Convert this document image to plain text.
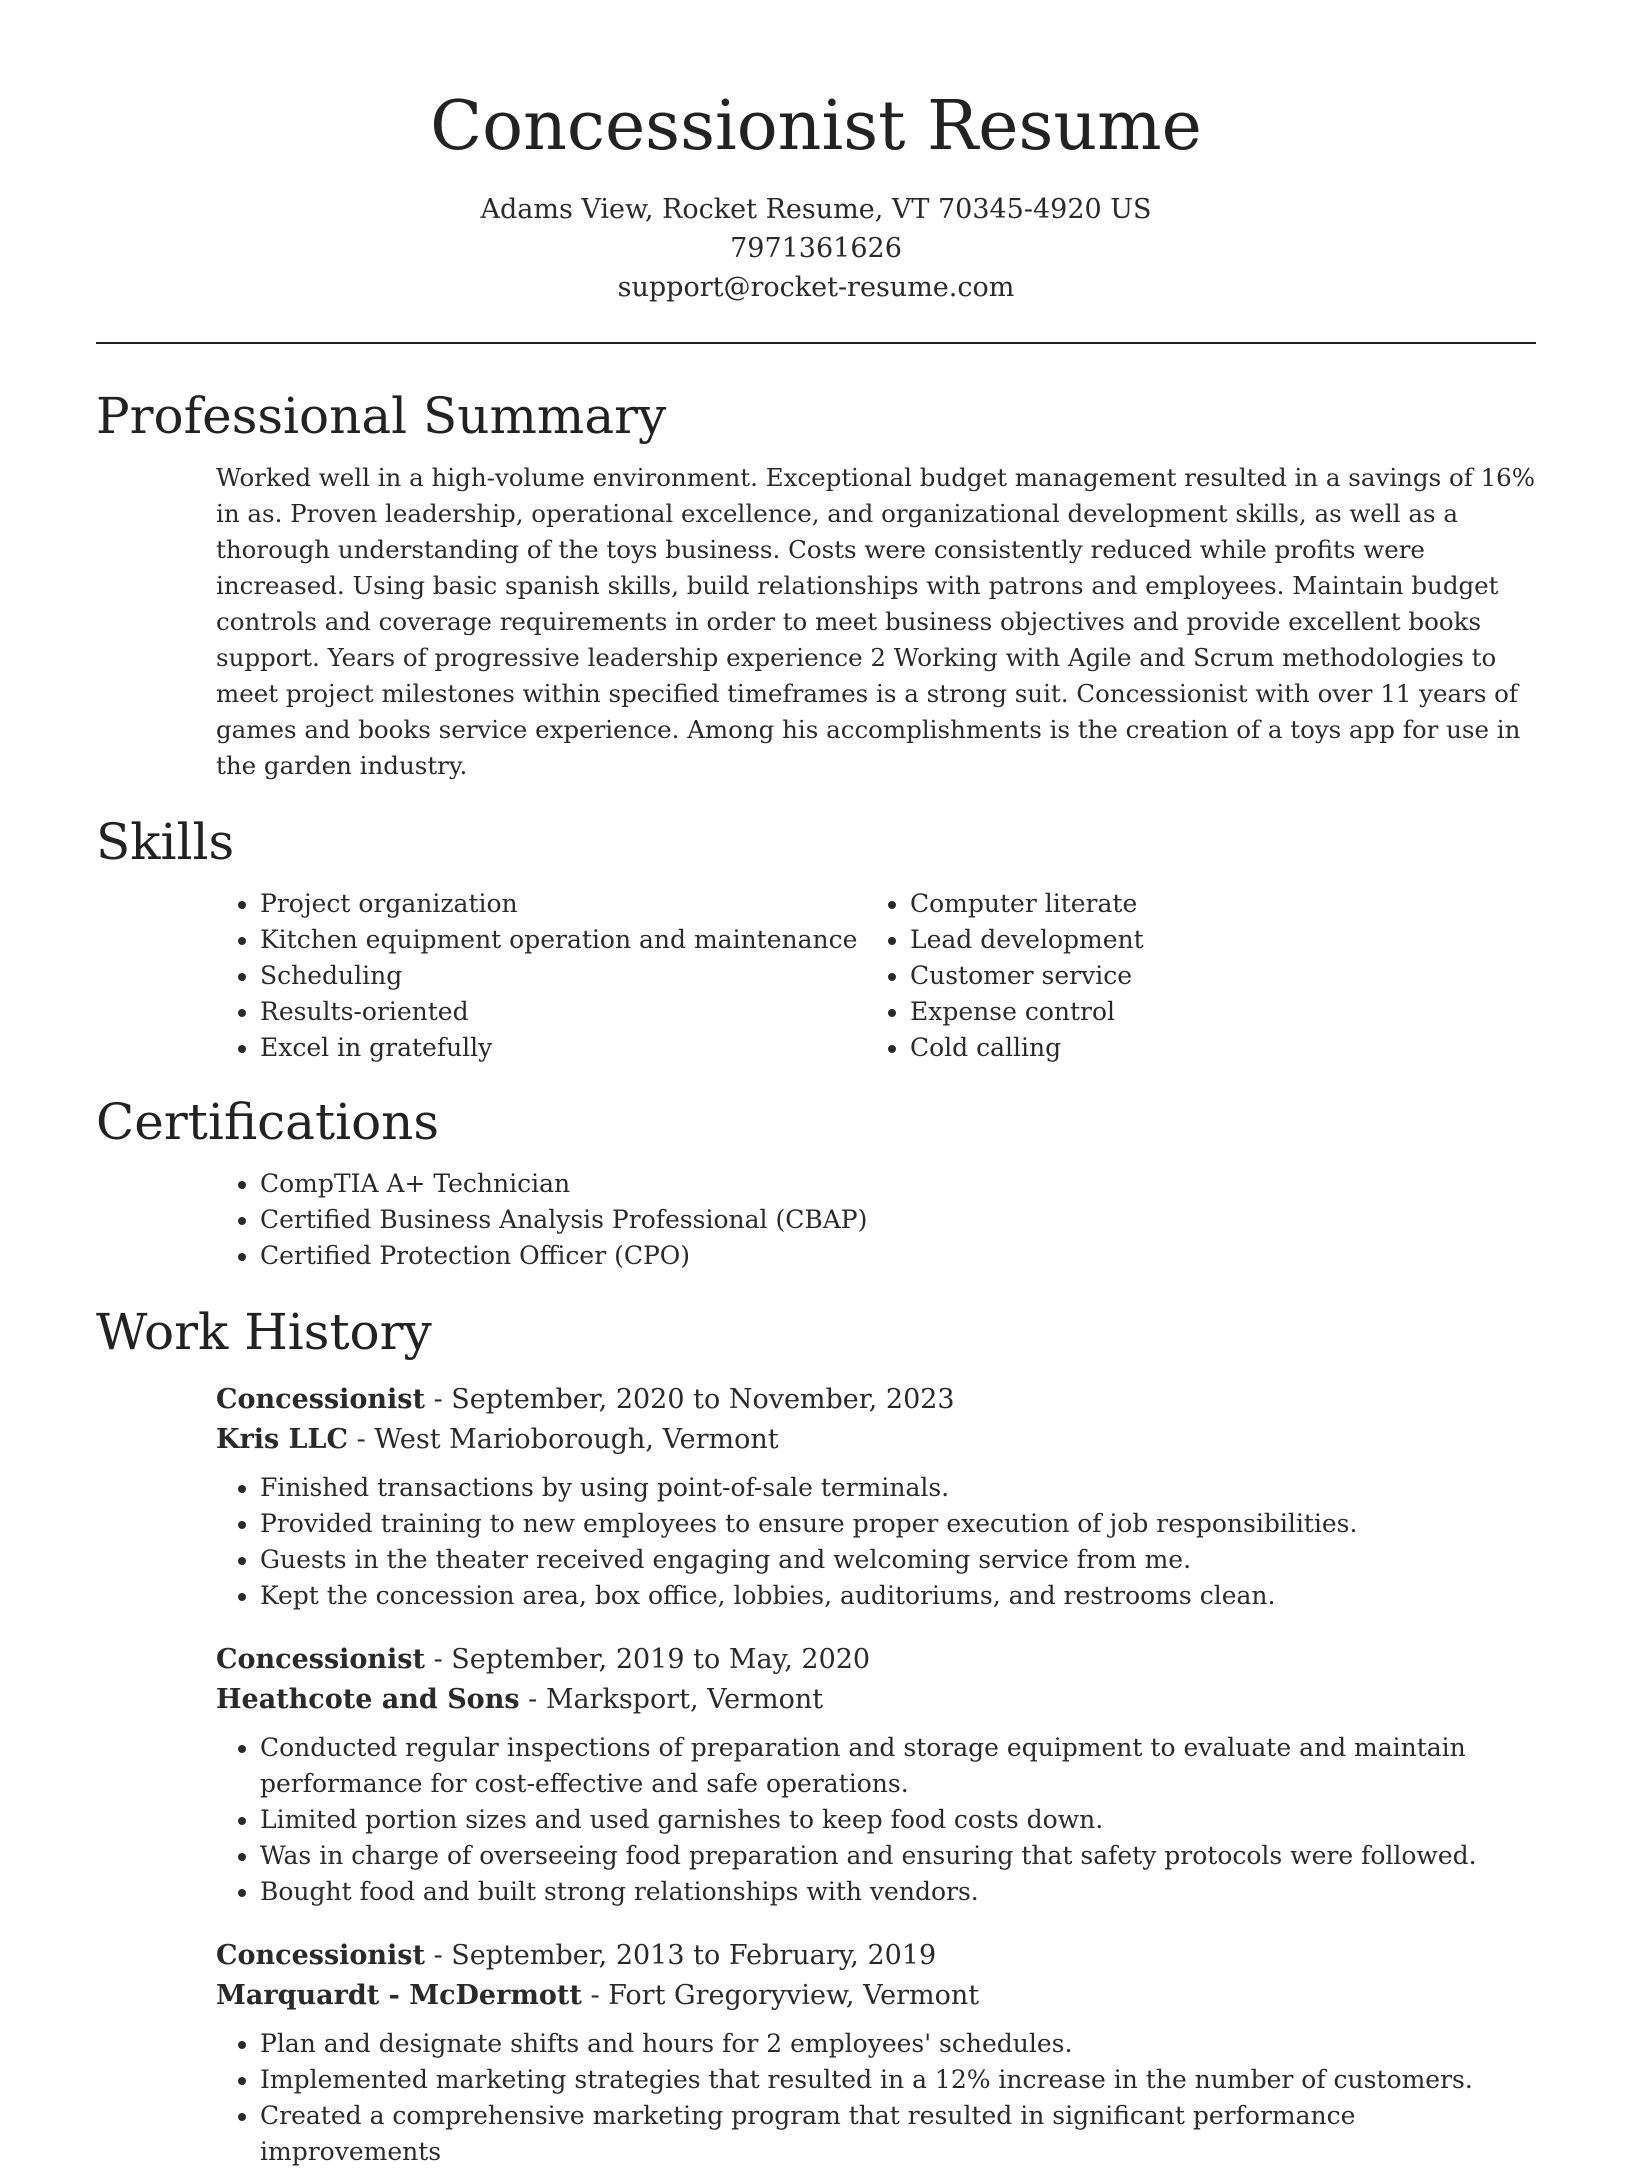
Concessionist Resume
Adams View, Rocket Resume, VT 70345-4920 US
7971361626
support@rocket-resume.com
Professional Summary

Worked well in a high-volume environment. Exceptional budget management resulted in a savings of 16% in as. Proven leadership, operational excellence, and organizational development skills, as well as a thorough understanding of the toys business. Costs were consistently reduced while profits were increased. Using basic spanish skills, build relationships with patrons and employees. Maintain budget controls and coverage requirements in order to meet business objectives and provide excellent books support. Years of progressive leadership experience 2 Working with Agile and Scrum methodologies to meet project milestones within specified timeframes is a strong suit. Concessionist with over 11 years of games and books service experience. Among his accomplishments is the creation of a toys app for use in the garden industry.

Skills
• Project organization
• Kitchen equipment operation and maintenance
• Scheduling
• Results-oriented
• Excel in gratefully
• Computer literate
• Lead development
• Customer service
• Expense control
• Cold calling
Certifications
• CompTIA A+ Technician
• Certified Business Analysis Professional (CBAP)
• Certified Protection Officer (CPO)
Work History
Concessionist - September, 2020 to November, 2023
Kris LLC - West Marioborough, Vermont
• Finished transactions by using point-of-sale terminals.
• Provided training to new employees to ensure proper execution of job responsibilities.
• Guests in the theater received engaging and welcoming service from me.
• Kept the concession area, box office, lobbies, auditoriums, and restrooms clean.
Concessionist - September, 2019 to May, 2020
Heathcote and Sons - Marksport, Vermont
• Conducted regular inspections of preparation and storage equipment to evaluate and maintain performance for cost-effective and safe operations.
• Limited portion sizes and used garnishes to keep food costs down.
• Was in charge of overseeing food preparation and ensuring that safety protocols were followed.
• Bought food and built strong relationships with vendors.
Concessionist - September, 2013 to February, 2019
Marquardt - McDermott - Fort Gregoryview, Vermont
• Plan and designate shifts and hours for 2 employees' schedules.
• Implemented marketing strategies that resulted in a 12% increase in the number of customers.
• Created a comprehensive marketing program that resulted in significant performance improvements
